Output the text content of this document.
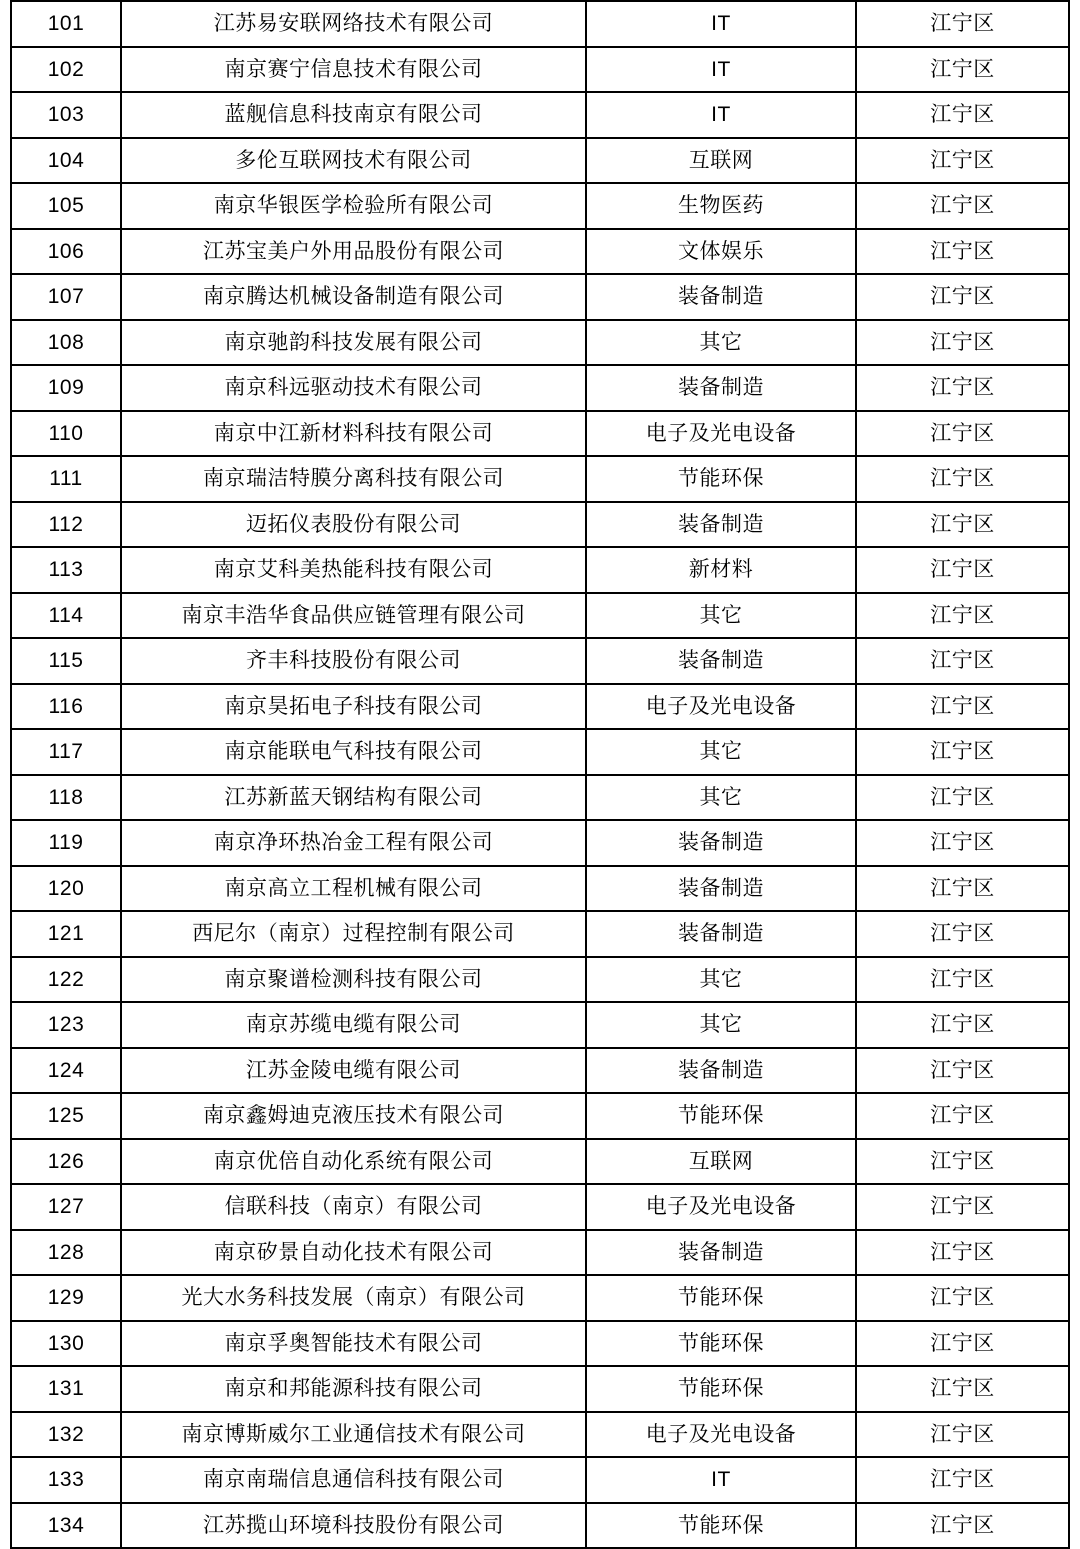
101	江苏易安联网络技术有限公司	IT	江宁区
102	南京赛宁信息技术有限公司	IT	江宁区
103	蓝舰信息科技南京有限公司	IT	江宁区
104	多伦互联网技术有限公司	互联网	江宁区
105	南京华银医学检验所有限公司	生物医药	江宁区
106	江苏宝美户外用品股份有限公司	文体娱乐	江宁区
107	南京腾达机械设备制造有限公司	装备制造	江宁区
108	南京驰韵科技发展有限公司	其它	江宁区
109	南京科远驱动技术有限公司	装备制造	江宁区
110	南京中江新材料科技有限公司	电子及光电设备	江宁区
111	南京瑞洁特膜分离科技有限公司	节能环保	江宁区
112	迈拓仪表股份有限公司	装备制造	江宁区
113	南京艾科美热能科技有限公司	新材料	江宁区
114	南京丰浩华食品供应链管理有限公司	其它	江宁区
115	齐丰科技股份有限公司	装备制造	江宁区
116	南京昊拓电子科技有限公司	电子及光电设备	江宁区
117	南京能联电气科技有限公司	其它	江宁区
118	江苏新蓝天钢结构有限公司	其它	江宁区
119	南京净环热冶金工程有限公司	装备制造	江宁区
120	南京高立工程机械有限公司	装备制造	江宁区
121	西尼尔（南京）过程控制有限公司	装备制造	江宁区
122	南京聚谱检测科技有限公司	其它	江宁区
123	南京苏缆电缆有限公司	其它	江宁区
124	江苏金陵电缆有限公司	装备制造	江宁区
125	南京鑫姆迪克液压技术有限公司	节能环保	江宁区
126	南京优倍自动化系统有限公司	互联网	江宁区
127	信联科技（南京）有限公司	电子及光电设备	江宁区
128	南京矽景自动化技术有限公司	装备制造	江宁区
129	光大水务科技发展（南京）有限公司	节能环保	江宁区
130	南京孚奥智能技术有限公司	节能环保	江宁区
131	南京和邦能源科技有限公司	节能环保	江宁区
132	南京博斯威尔工业通信技术有限公司	电子及光电设备	江宁区
133	南京南瑞信息通信科技有限公司	IT	江宁区
134	江苏揽山环境科技股份有限公司	节能环保	江宁区
